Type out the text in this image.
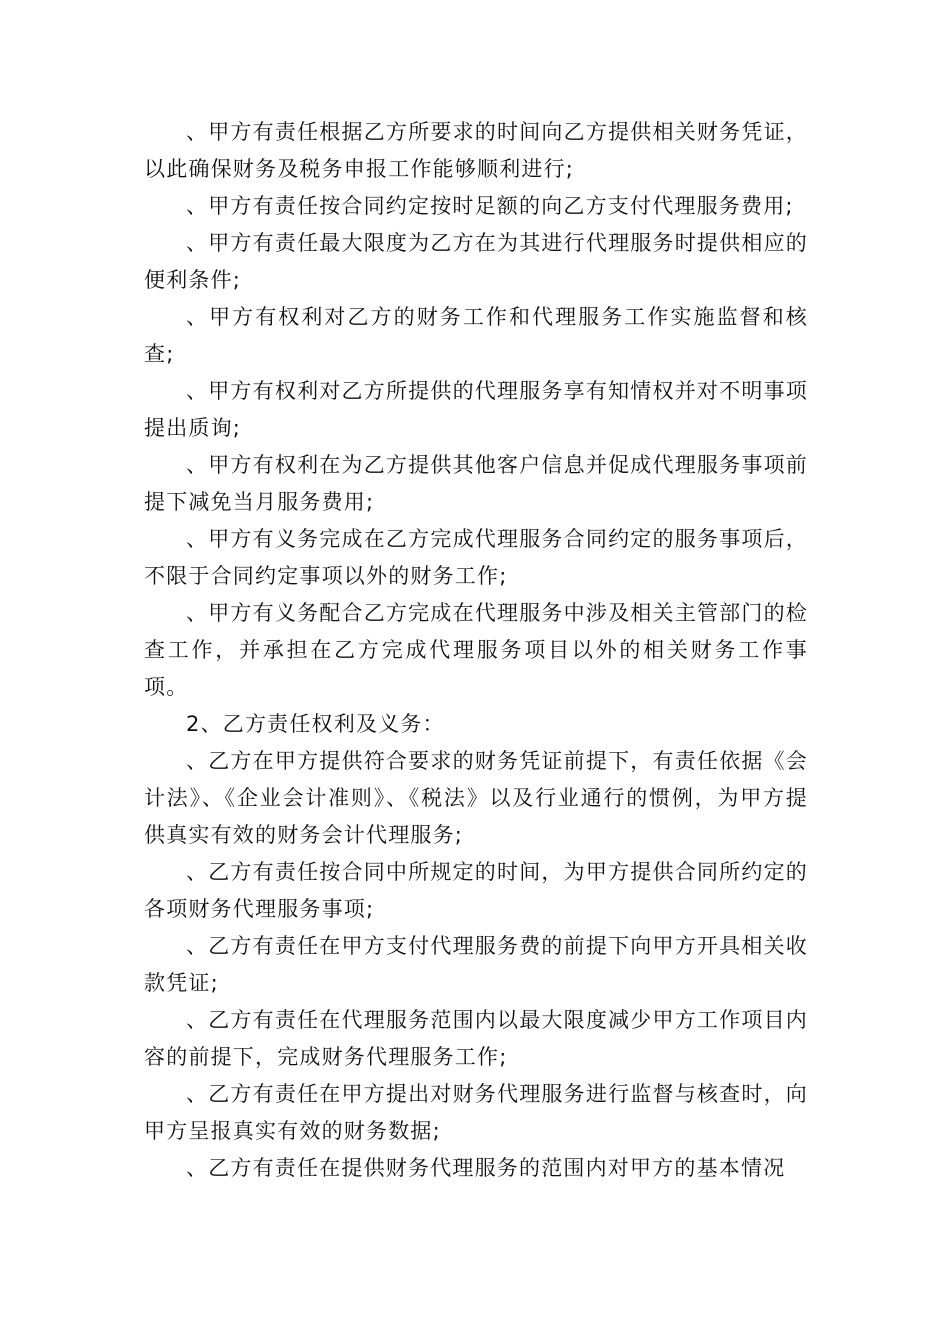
、甲方有责任根据乙方所要求的时间向乙方提供相关财务凭证，以此确保财务及税务申报工作能够顺利进行;

、甲方有责任按合同约定按时足额的向乙方支付代理服务费用;

、甲方有责任最大限度为乙方在为其进行代理服务时提供相应的便利条件;

、甲方有权利对乙方的财务工作和代理服务工作实施监督和核查;

、甲方有权利对乙方所提供的代理服务享有知情权并对不明事项提出质询;

、甲方有权利在为乙方提供其他客户信息并促成代理服务事项前提下减免当月服务费用;

、甲方有义务完成在乙方完成代理服务合同约定的服务事项后，不限于合同约定事项以外的财务工作;

、甲方有义务配合乙方完成在代理服务中涉及相关主管部门的检查工作，并承担在乙方完成代理服务项目以外的相关财务工作事项。

2、乙方责任权利及义务：

、乙方在甲方提供符合要求的财务凭证前提下，有责任依据《会计法》、《企业会计准则》、《税法》以及行业通行的惯例，为甲方提供真实有效的财务会计代理服务;

、乙方有责任按合同中所规定的时间，为甲方提供合同所约定的各项财务代理服务事项;

、乙方有责任在甲方支付代理服务费的前提下向甲方开具相关收款凭证;

、乙方有责任在代理服务范围内以最大限度减少甲方工作项目内容的前提下，完成财务代理服务工作;

、乙方有责任在甲方提出对财务代理服务进行监督与核查时，向甲方呈报真实有效的财务数据;

、乙方有责任在提供财务代理服务的范围内对甲方的基本情况
